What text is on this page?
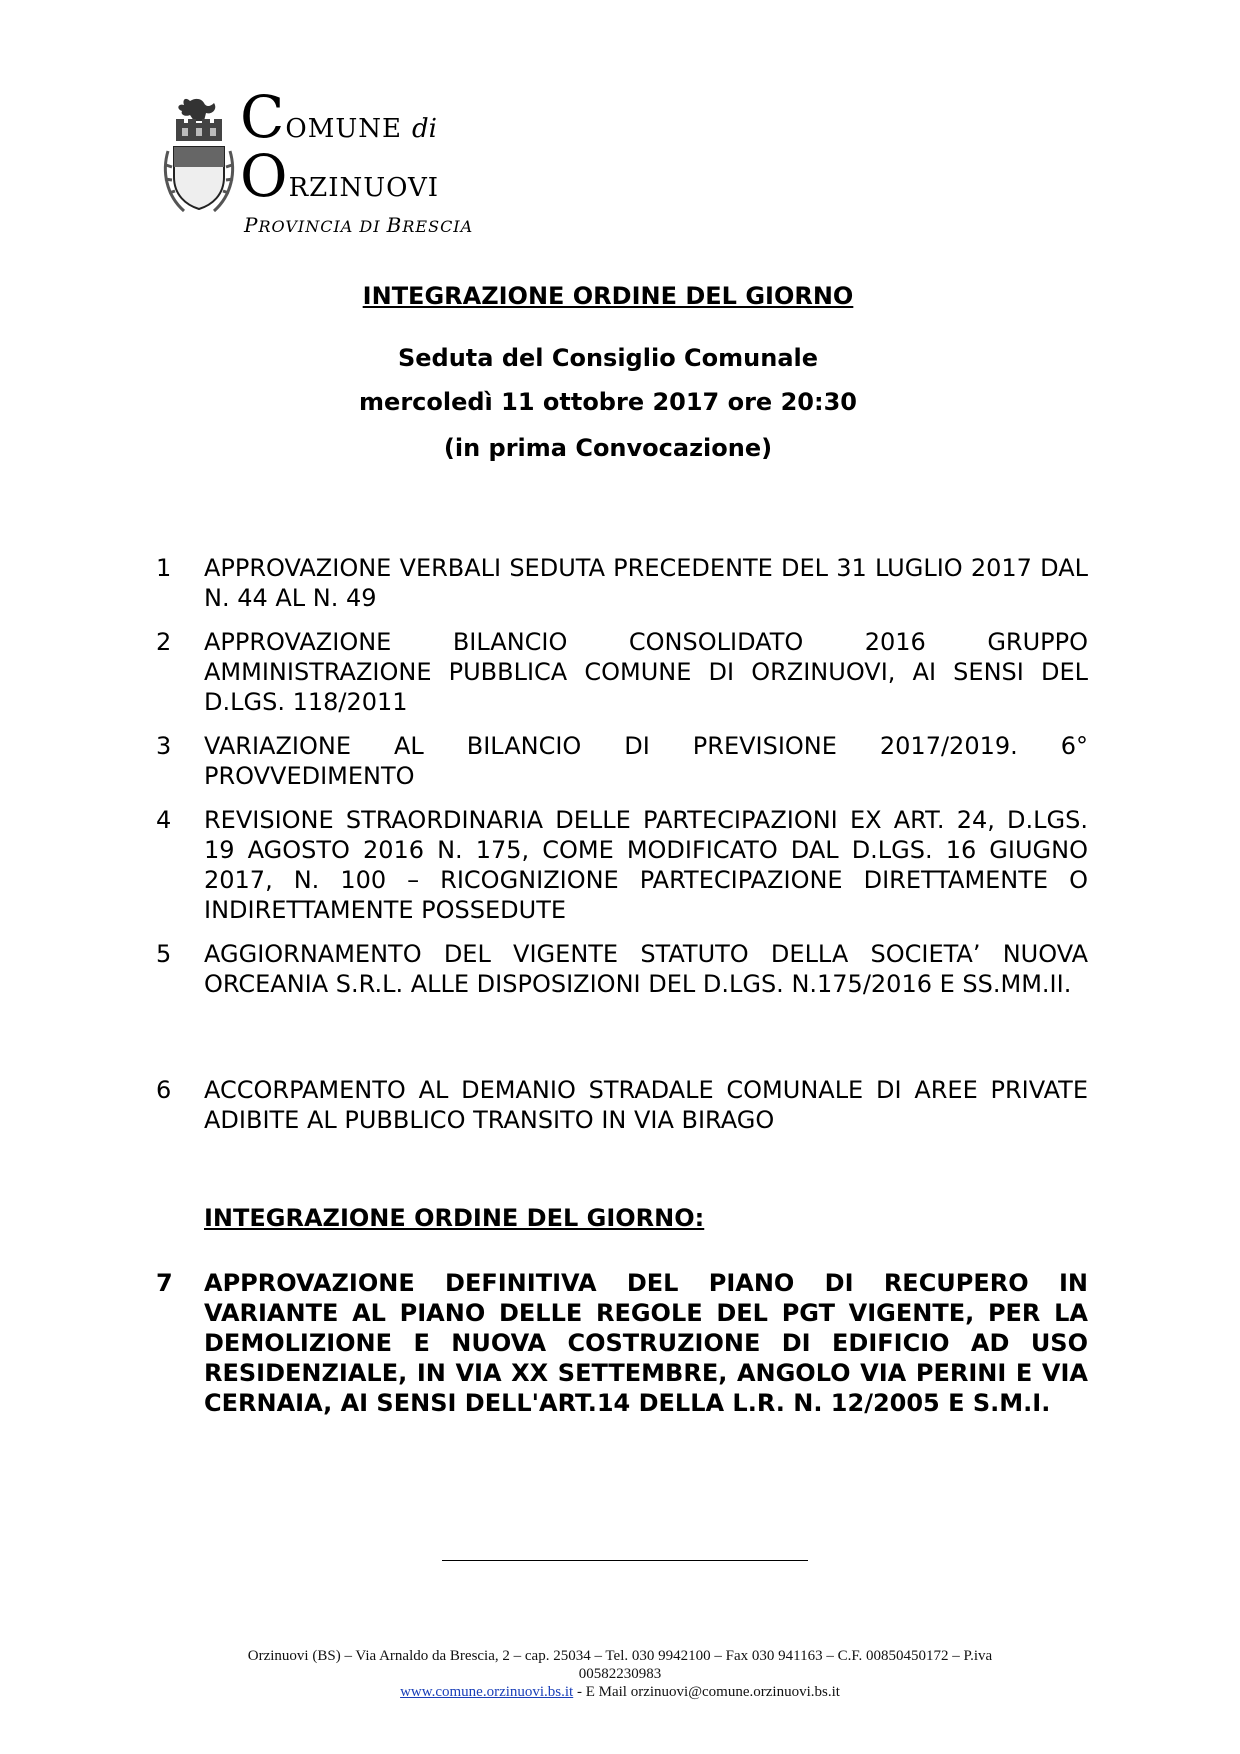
COMUNE di
ORZINUOVI
PROVINCIA DI BRESCIA
INTEGRAZIONE ORDINE DEL GIORNO
Seduta del Consiglio Comunale
mercoledì 11 ottobre 2017 ore 20:30
(in prima Convocazione)
1	APPROVAZIONE VERBALI SEDUTA PRECEDENTE DEL 31 LUGLIO 2017 DAL N. 44 AL N. 49
2	APPROVAZIONE BILANCIO CONSOLIDATO 2016 GRUPPO AMMINISTRAZIONE PUBBLICA COMUNE DI ORZINUOVI, AI SENSI DEL D.LGS. 118/2011
3	VARIAZIONE AL BILANCIO DI PREVISIONE 2017/2019. 6° PROVVEDIMENTO
4	REVISIONE STRAORDINARIA DELLE PARTECIPAZIONI EX ART. 24, D.LGS. 19 AGOSTO 2016 N. 175, COME MODIFICATO DAL D.LGS. 16 GIUGNO 2017, N. 100 – RICOGNIZIONE PARTECIPAZIONE DIRETTAMENTE O INDIRETTAMENTE POSSEDUTE
5	AGGIORNAMENTO DEL VIGENTE STATUTO DELLA SOCIETA’ NUOVA ORCEANIA S.R.L. ALLE DISPOSIZIONI DEL D.LGS. N.175/2016 E SS.MM.II.
6	ACCORPAMENTO AL DEMANIO STRADALE COMUNALE DI AREE PRIVATE ADIBITE AL PUBBLICO TRANSITO IN VIA BIRAGO
INTEGRAZIONE ORDINE DEL GIORNO:
7	APPROVAZIONE DEFINITIVA DEL PIANO DI RECUPERO IN VARIANTE AL PIANO DELLE REGOLE DEL PGT VIGENTE, PER LA DEMOLIZIONE E NUOVA COSTRUZIONE DI EDIFICIO AD USO RESIDENZIALE, IN VIA XX SETTEMBRE, ANGOLO VIA PERINI E VIA CERNAIA, AI SENSI DELL'ART.14 DELLA L.R. N. 12/2005 E S.M.I.
Orzinuovi (BS) – Via Arnaldo da Brescia, 2 – cap. 25034 – Tel. 030 9942100 – Fax 030 941163 – C.F. 00850450172 – P.iva
00582230983
www.comune.orzinuovi.bs.it - E Mail orzinuovi@comune.orzinuovi.bs.it
